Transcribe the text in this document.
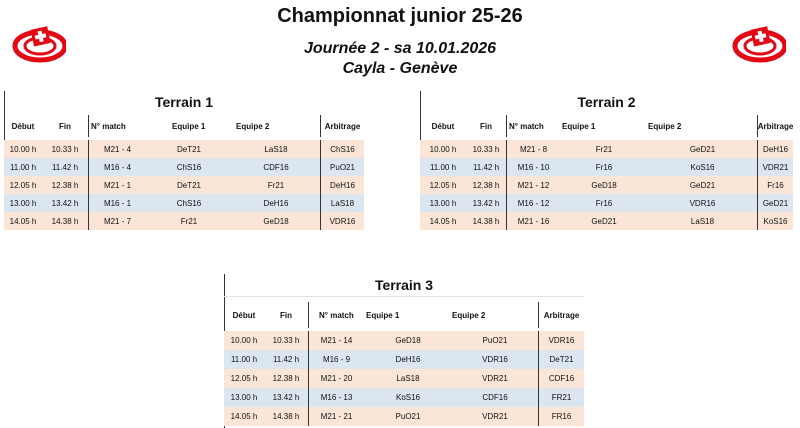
Championnat junior 25-26
Journée 2 - sa 10.01.2026
Cayla - Genève
Terrain 1
Début	Fin	N° match	Equipe 1	Equipe 2	Arbitrage
10.00 h	10.33 h	M21 - 4	DeT21	LaS18	ChS16
11.00 h	11.42 h	M16 - 4	ChS16	CDF16	PuO21
12.05 h	12.38 h	M21 - 1	DeT21	Fr21	DeH16
13.00 h	13.42 h	M16 - 1	ChS16	DeH16	LaS18
14.05 h	14.38 h	M21 - 7	Fr21	GeD18	VDR16
Terrain 2
Début	Fin	N° match	Equipe 1	Equipe 2	Arbitrage
10.00 h	10.33 h	M21 - 8	Fr21	GeD21	DeH16
11.00 h	11.42 h	M16 - 10	Fr16	KoS16	VDR21
12.05 h	12.38 h	M21 - 12	GeD18	GeD21	Fr16
13.00 h	13.42 h	M16 - 12	Fr16	VDR16	GeD21
14.05 h	14.38 h	M21 - 16	GeD21	LaS18	KoS16
Terrain 3
Début	Fin	N° match	Equipe 1	Equipe 2	Arbitrage
10.00 h	10.33 h	M21 - 14	GeD18	PuO21	VDR16
11.00 h	11.42 h	M16 - 9	DeH16	VDR16	DeT21
12.05 h	12.38 h	M21 - 20	LaS18	VDR21	CDF16
13.00 h	13.42 h	M16 - 13	KoS16	CDF16	FR21
14.05 h	14.38 h	M21 - 21	PuO21	VDR21	FR16
